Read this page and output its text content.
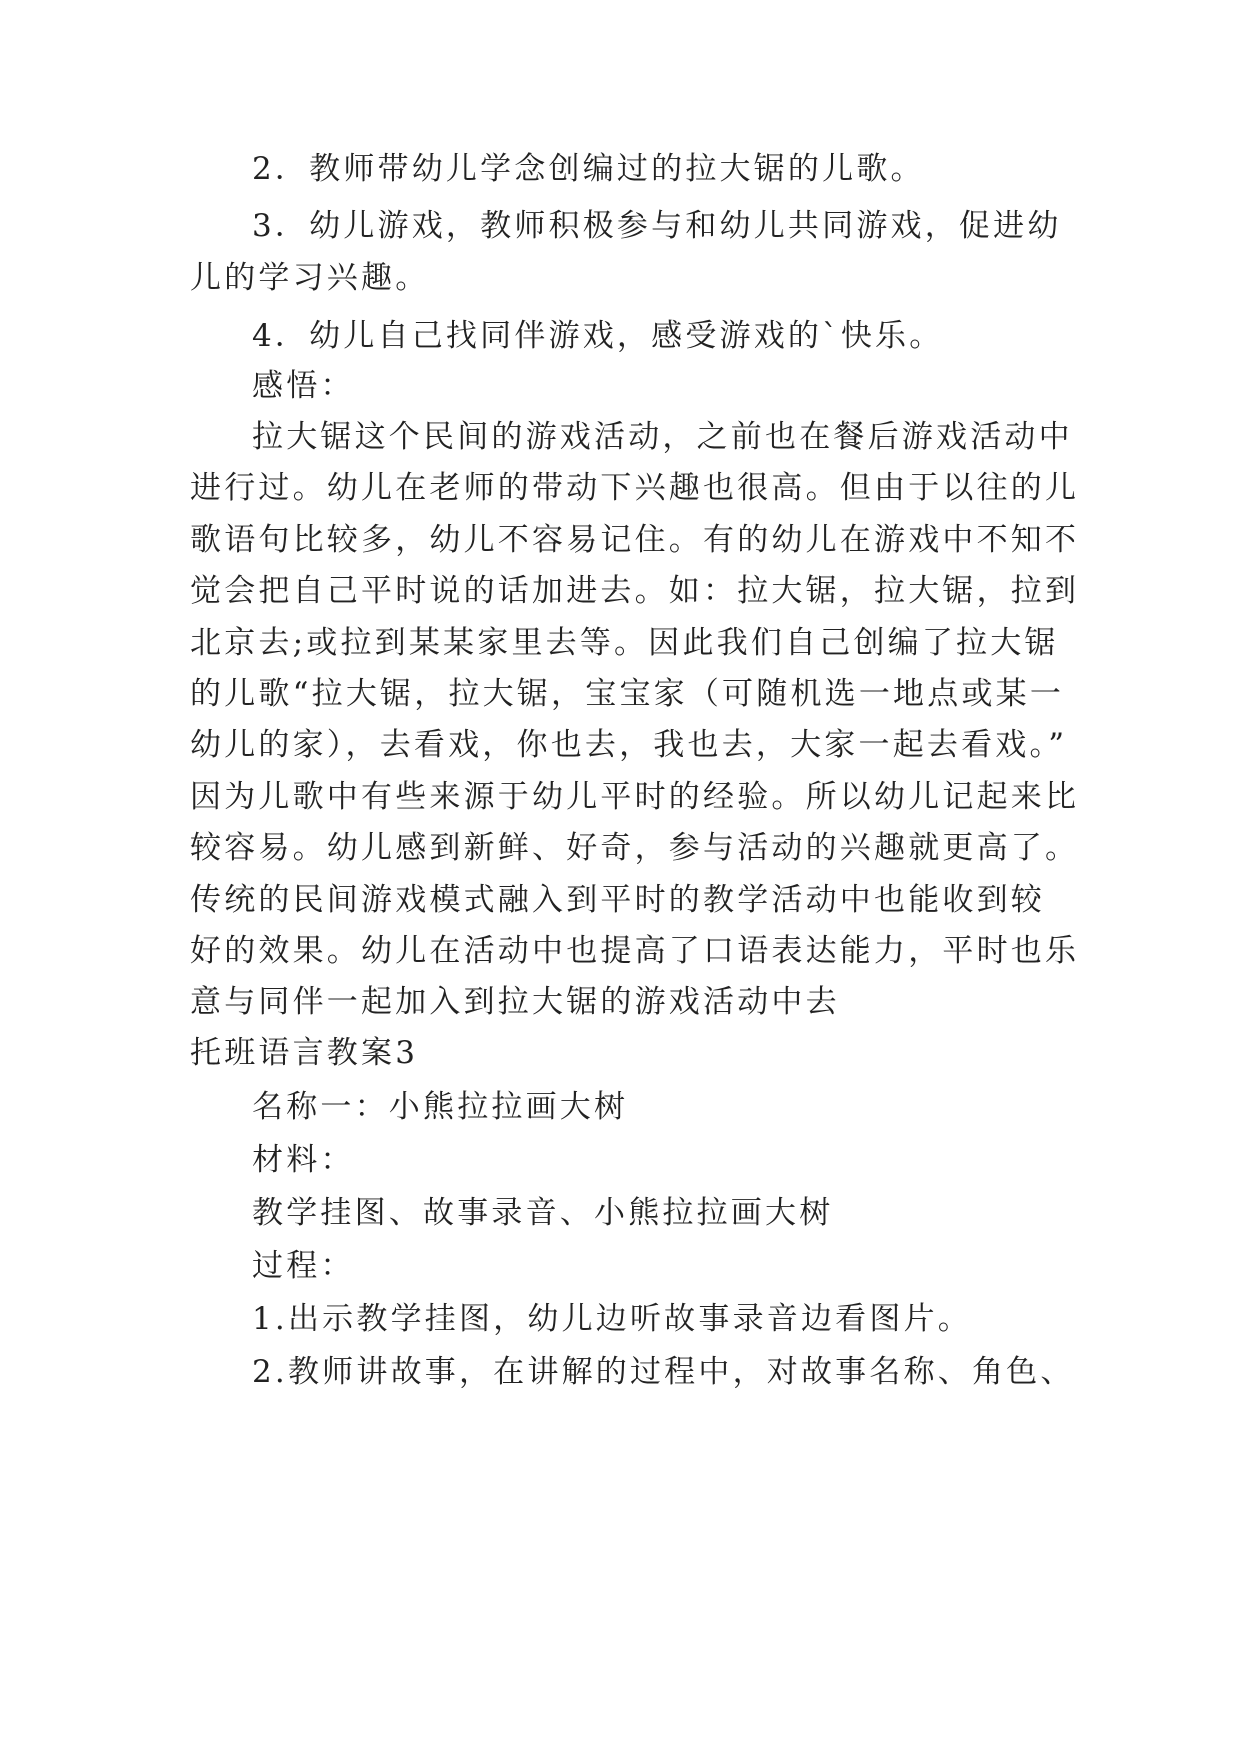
2．教师带幼儿学念创编过的拉大锯的儿歌。
3．幼儿游戏，教师积极参与和幼儿共同游戏，促进幼
儿的学习兴趣。
4．幼儿自己找同伴游戏，感受游戏的`快乐。
感悟：
拉大锯这个民间的游戏活动，之前也在餐后游戏活动中
进行过。幼儿在老师的带动下兴趣也很高。但由于以往的儿
歌语句比较多，幼儿不容易记住。有的幼儿在游戏中不知不
觉会把自己平时说的话加进去。如：拉大锯，拉大锯，拉到
北京去;或拉到某某家里去等。因此我们自己创编了拉大锯
的儿歌“拉大锯，拉大锯，宝宝家（可随机选一地点或某一
幼儿的家），去看戏，你也去，我也去，大家一起去看戏。”
因为儿歌中有些来源于幼儿平时的经验。所以幼儿记起来比
较容易。幼儿感到新鲜、好奇，参与活动的兴趣就更高了。
传统的民间游戏模式融入到平时的教学活动中也能收到较
好的效果。幼儿在活动中也提高了口语表达能力，平时也乐
意与同伴一起加入到拉大锯的游戏活动中去
托班语言教案3
名称一：小熊拉拉画大树
材料：
教学挂图、故事录音、小熊拉拉画大树
过程：
1.出示教学挂图，幼儿边听故事录音边看图片。
2.教师讲故事，在讲解的过程中，对故事名称、角色、
